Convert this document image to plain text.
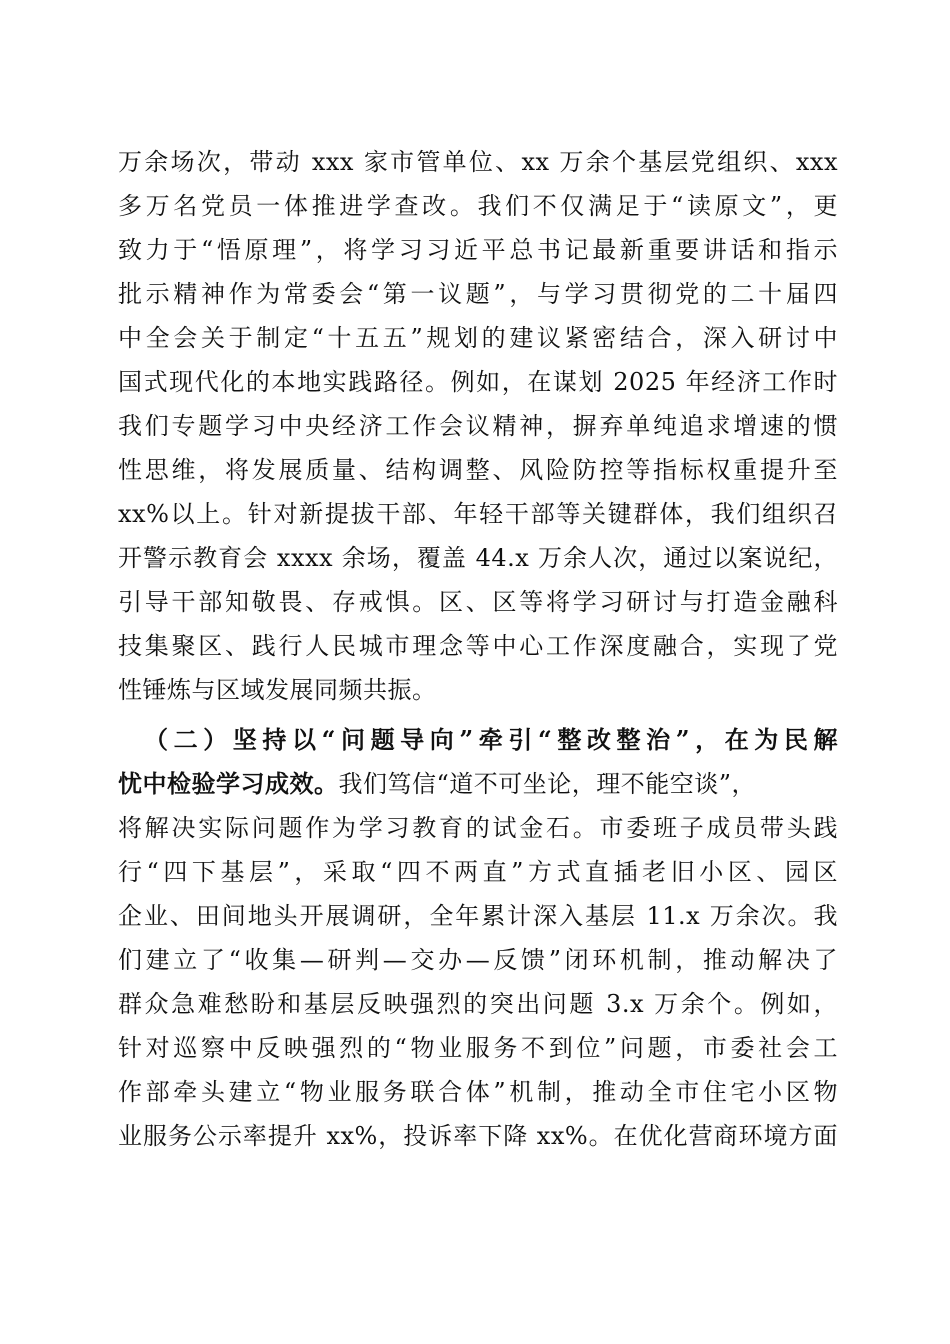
万余场次，带动 xxx 家市管单位、xx 万余个基层党组织、xxx
多万名党员一体推进学查改。我们不仅满足于“读原文”，更
致力于“悟原理”，将学习习近平总书记最新重要讲话和指示
批示精神作为常委会“第一议题”，与学习贯彻党的二十届四
中全会关于制定“十五五”规划的建议紧密结合，深入研讨中
国式现代化的本地实践路径。例如，在谋划 2025 年经济工作时
我们专题学习中央经济工作会议精神，摒弃单纯追求增速的惯
性思维，将发展质量、结构调整、风险防控等指标权重提升至
xx%以上。针对新提拔干部、年轻干部等关键群体，我们组织召
开警示教育会 xxxx 余场，覆盖 44.x 万余人次，通过以案说纪，
引导干部知敬畏、存戒惧。区、区等将学习研讨与打造金融科
技集聚区、践行人民城市理念等中心工作深度融合，实现了党
性锤炼与区域发展同频共振。
（二）坚持以“问题导向”牵引“整改整治”，在为民解
忧中检验学习成效。我们笃信“道不可坐论，理不能空谈”，
将解决实际问题作为学习教育的试金石。市委班子成员带头践
行“四下基层”，采取“四不两直”方式直插老旧小区、园区
企业、田间地头开展调研，全年累计深入基层 11.x 万余次。我
们建立了“收集—研判—交办—反馈”闭环机制，推动解决了
群众急难愁盼和基层反映强烈的突出问题 3.x 万余个。例如，
针对巡察中反映强烈的“物业服务不到位”问题，市委社会工
作部牵头建立“物业服务联合体”机制，推动全市住宅小区物
业服务公示率提升 xx%，投诉率下降 xx%。在优化营商环境方面
